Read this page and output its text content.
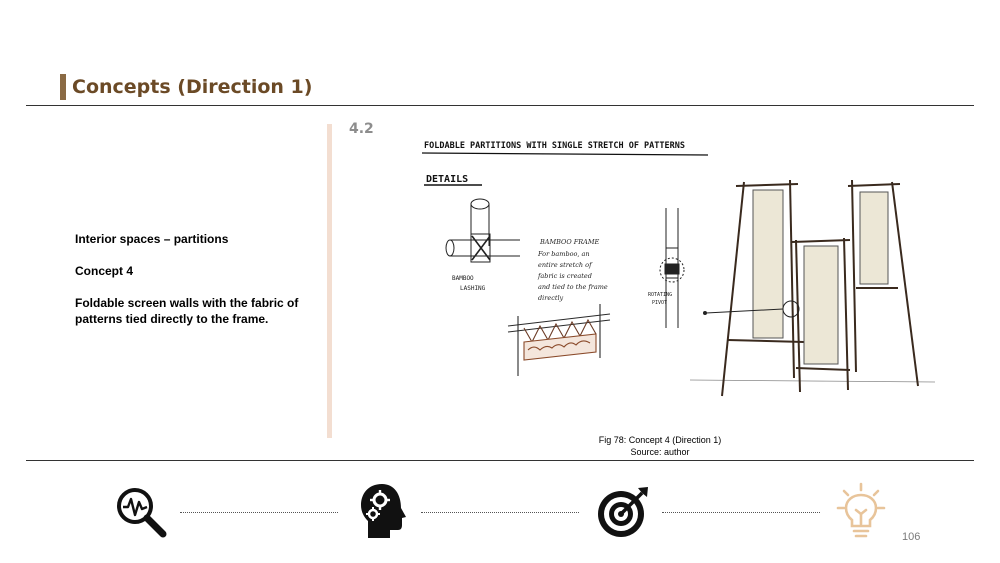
Concepts (Direction 1)

Interior spaces – partitions

Concept 4

Foldable screen walls with the fabric of patterns tied directly to the frame.

4.2
FOLDABLE PARTITIONS WITH SINGLE STRETCH OF PATTERNS
DETAILS
BAMBOO
LASHING
BAMBOO FRAME
For bamboo, an
entire stretch of
fabric is created
and tied to the frame
directly	ROTATING
PIVOT
Fig 78: Concept 4 (Direction 1)
Source: author
106
